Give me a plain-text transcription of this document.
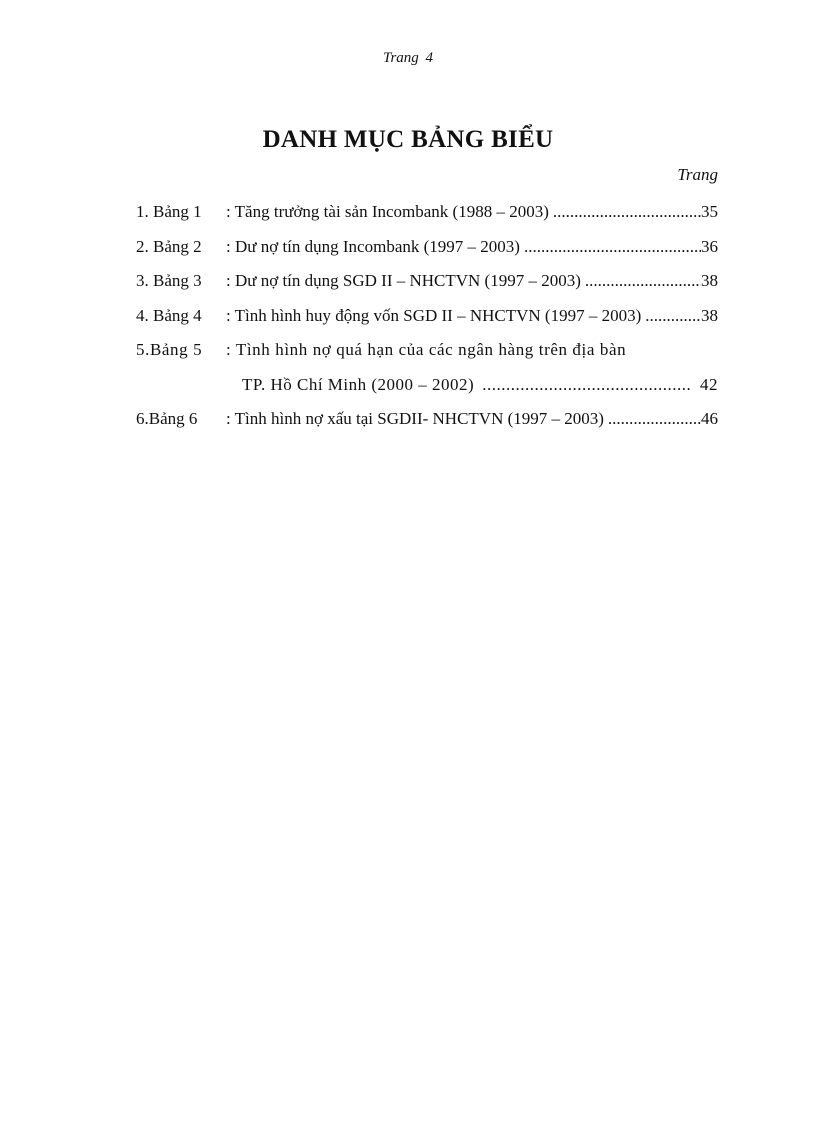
Trang 4
DANH MỤC BẢNG BIỂU
Trang
1. Bảng 1 : Tăng trưởng tài sản Incombank (1988 – 2003) .....	35
2. Bảng 2 : Dư nợ tín dụng Incombank (1997 – 2003) .....	36
3. Bảng 3 : Dư nợ tín dụng SGD II – NHCTVN (1997 – 2003) .....	38
4. Bảng 4 : Tình hình huy động vốn SGD II – NHCTVN (1997 – 2003) .....	38
5.Bảng 5 : Tình hình nợ quá hạn của các ngân hàng trên địa bàn
TP. Hồ Chí Minh (2000 – 2002) .....	42
6.Bảng 6 : Tình hình nợ xấu tại SGDII- NHCTVN (1997 – 2003) .....	46
